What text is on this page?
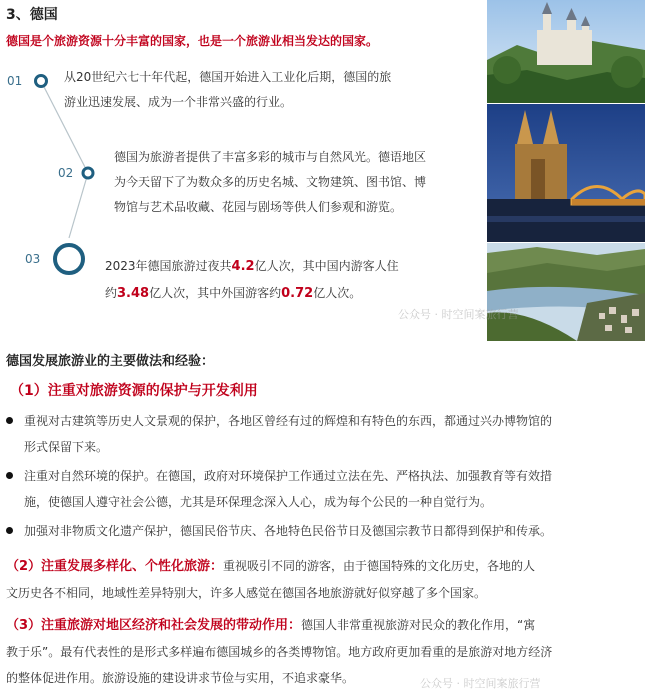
3、德国
德国是个旅游资源十分丰富的国家，也是一个旅游业相当发达的国家。
01	从20世纪六七十年代起，德国开始进入工业化后期，德国的旅
游业迅速发展、成为一个非常兴盛的行业。
02
德国为旅游者提供了丰富多彩的城市与自然风光。德语地区
为今天留下了为数众多的历史名城、文物建筑、图书馆、博
物馆与艺术品收藏、花园与剧场等供人们参观和游览。
03	2023年德国旅游过夜共4.2亿人次，其中国内游客人住
约3.48亿人次，其中外国游客约0.72亿人次。
公众号 · 时空间案旅行营
德国发展旅游业的主要做法和经验：
（1）注重对旅游资源的保护与开发利用
重视对古建筑等历史人文景观的保护，各地区曾经有过的辉煌和有特色的东西，都通过兴办博物馆的
形式保留下来。
注重对自然环境的保护。在德国，政府对环境保护工作通过立法在先、严格执法、加强教育等有效措
施，使德国人遵守社会公德，尤其是环保理念深入人心，成为每个公民的一种自觉行为。
加强对非物质文化遗产保护，德国民俗节庆、各地特色民俗节日及德国宗教节日都得到保护和传承。
（2）注重发展多样化、个性化旅游：重视吸引不同的游客，由于德国特殊的文化历史，各地的人
文历史各不相同，地域性差异特别大，许多人感觉在德国各地旅游就好似穿越了多个国家。
（3）注重旅游对地区经济和社会发展的带动作用：德国人非常重视旅游对民众的教化作用，“寓
教于乐”。最有代表性的是形式多样遍布德国城乡的各类博物馆。地方政府更加看重的是旅游对地方经济
的整体促进作用。旅游设施的建设讲求节俭与实用，不追求豪华。	公众号 · 时空间案旅行营
